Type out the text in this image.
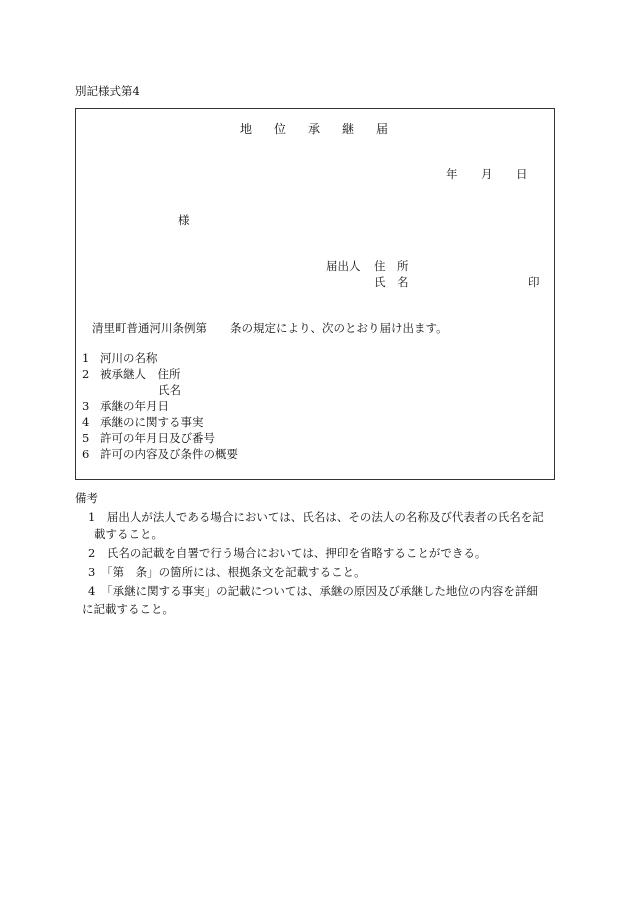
別記様式第4
地位承継届
年 月 日
様
届出人 住　所
氏　名	印
清里町普通河川条例第　　条の規定により、次のとおり届け出ます。
1 河川の名称
2 被承継人　住所
氏名
3 承継の年月日
4 承継のに関する事実
5 許可の年月日及び番号
6 許可の内容及び条件の概要
備考
1　届出人が法人である場合においては、氏名は、その法人の名称及び代表者の氏名を記
載すること。
2　氏名の記載を自署で行う場合においては、押印を省略することができる。
3　「第　条」の箇所には、根拠条文を記載すること。
4　「承継に関する事実」の記載については、承継の原因及び承継した地位の内容を詳細
に記載すること。
